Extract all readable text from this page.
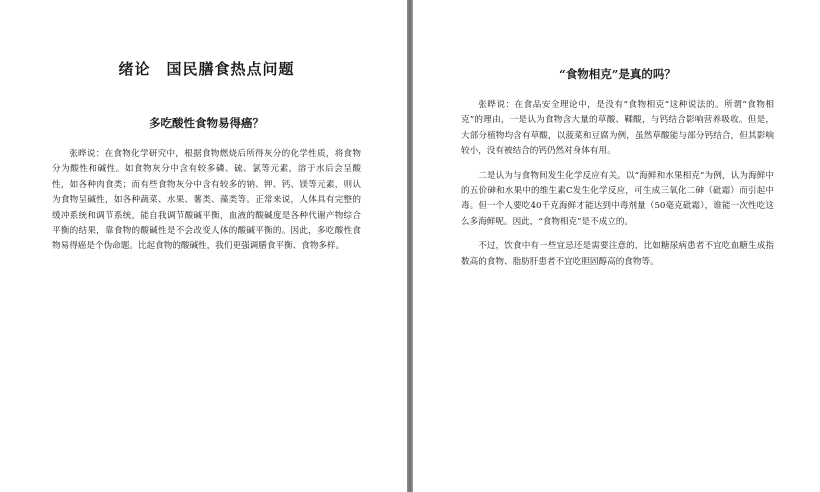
绪论　国民膳食热点问题
多吃酸性食物易得癌？

张晔说：在食物化学研究中，根据食物燃烧后所得灰分的化学性质，将食物分为酸性和碱性。如食物灰分中含有较多磷、硫、氯等元素，溶于水后会呈酸性，如各种肉食类；而有些食物灰分中含有较多的钠、钾、钙、镁等元素，则认为食物呈碱性，如各种蔬菜、水果、薯类、藻类等。正常来说，人体具有完整的缓冲系统和调节系统，能自我调节酸碱平衡，血液的酸碱度是各种代谢产物综合平衡的结果，靠食物的酸碱性是不会改变人体的酸碱平衡的。因此，多吃酸性食物易得癌是个伪命题。比起食物的酸碱性，我们更强调膳食平衡、食物多样。

“食物相克”是真的吗？

张晔说：在食品安全理论中，是没有“食物相克”这种说法的。所谓“食物相克”的理由，一是认为食物含大量的草酸、鞣酸，与钙结合影响营养吸收。但是，大部分植物均含有草酸，以菠菜和豆腐为例，虽然草酸能与部分钙结合，但其影响较小，没有被结合的钙仍然对身体有用。

二是认为与食物间发生化学反应有关。以“海鲜和水果相克”为例，认为海鲜中的五价砷和水果中的维生素C发生化学反应，可生成三氧化二砷（砒霜）而引起中毒。但一个人要吃40千克海鲜才能达到中毒剂量（50毫克砒霜），谁能一次性吃这么多海鲜呢。因此，“食物相克”是不成立的。

不过，饮食中有一些宜忌还是需要注意的，比如糖尿病患者不宜吃血糖生成指数高的食物、脂肪肝患者不宜吃胆固醇高的食物等。
